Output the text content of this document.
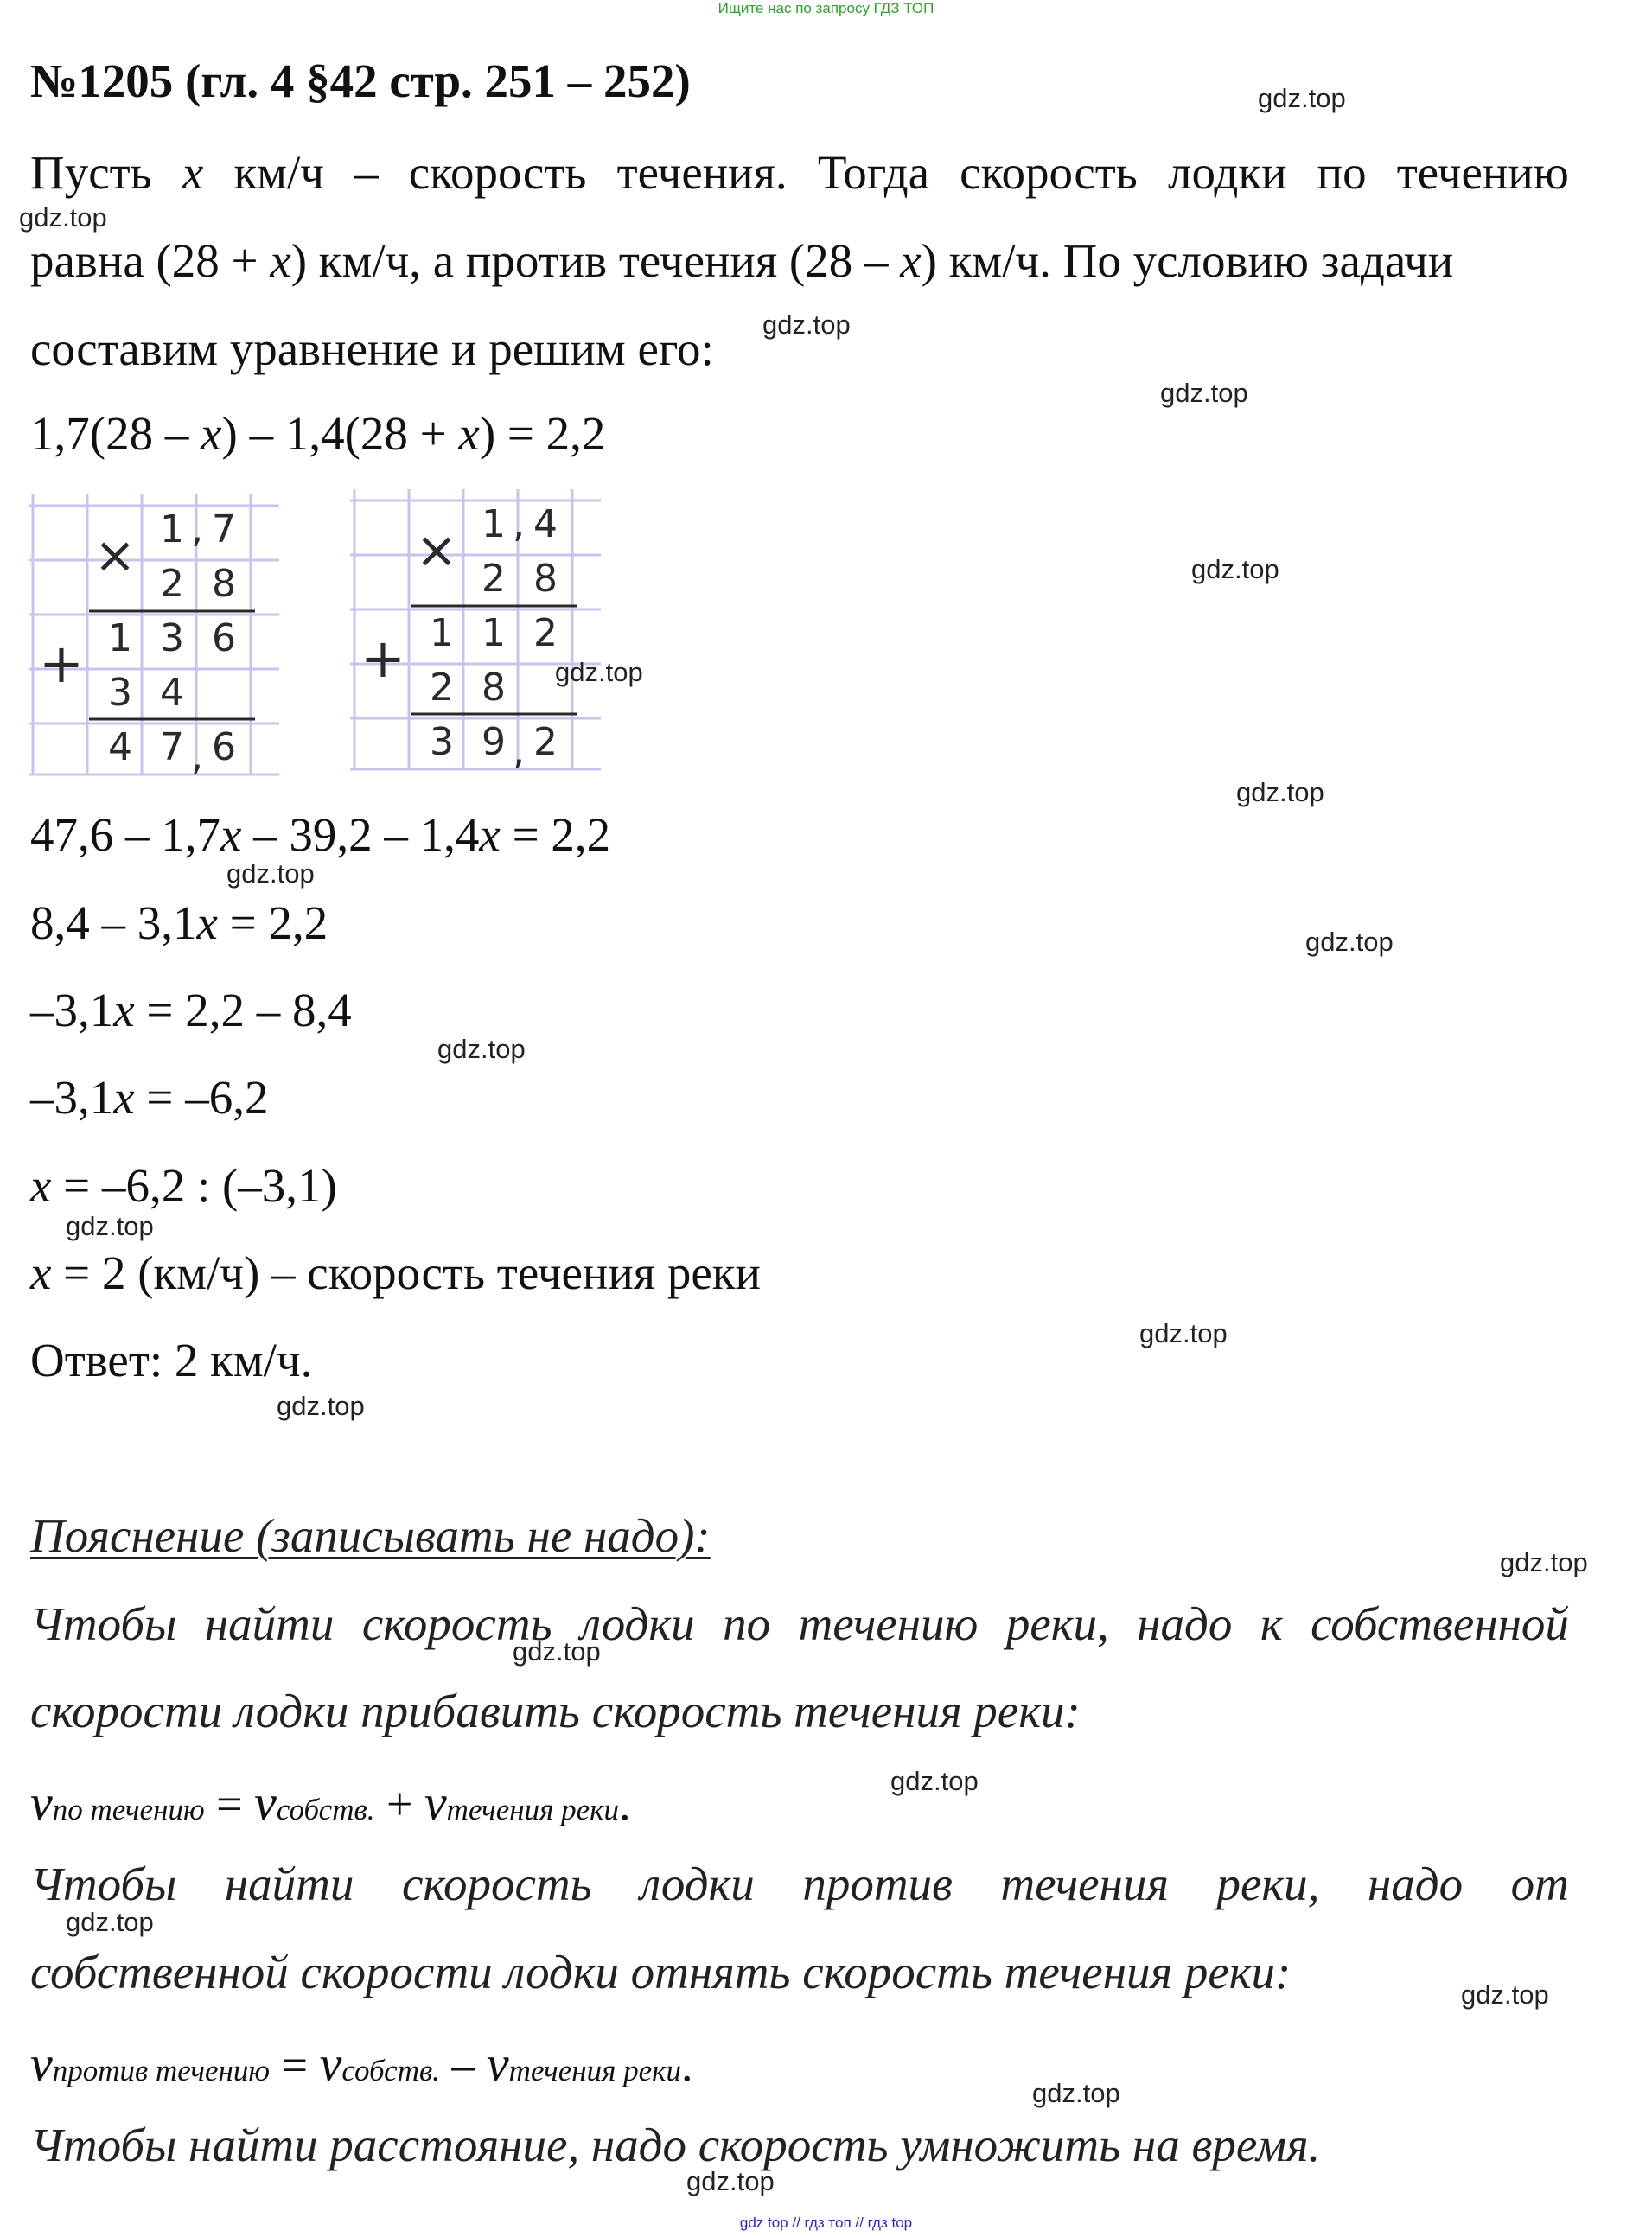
Ищите нас по запросу ГДЗ ТОП
№1205 (гл. 4 §42 стр. 251 – 252)
Пусть x км/ч – скорость течения. Тогда скорость лодки по течению
равна (28 + x) км/ч, а против течения (28 – x) км/ч. По условию задачи
составим уравнение и решим его:
1,7(28 – x) – 1,4(28 + x) = 2,2
×
+
1 , 7
2 8
1 3 6
3 4
4 7 , 6
×
+
1 , 4
2 8
1 1 2
2 8
3 9 , 2
47,6 – 1,7x – 39,2 – 1,4x = 2,2
8,4 – 3,1x = 2,2
–3,1x = 2,2 – 8,4
–3,1x = –6,2
x = –6,2 : (–3,1)
x = 2 (км/ч) – скорость течения реки
Ответ: 2 км/ч.
Пояснение (записывать не надо):
Чтобы найти скорость лодки по течению реки, надо к собственной
скорости лодки прибавить скорость течения реки:
vпо течению = vсобств. + vтечения реки.
Чтобы найти скорость лодки против течения реки, надо от
собственной скорости лодки отнять скорость течения реки:
vпротив течению = vсобств. – vтечения реки.
Чтобы найти расстояние, надо скорость умножить на время.
gdz.top
gdz.top
gdz.top
gdz.top
gdz.top
gdz.top
gdz.top
gdz.top
gdz.top
gdz.top
gdz.top
gdz.top
gdz.top
gdz.top
gdz.top
gdz.top
gdz.top
gdz.top
gdz.top
gdz.top
gdz top // гдз топ // гдз top
